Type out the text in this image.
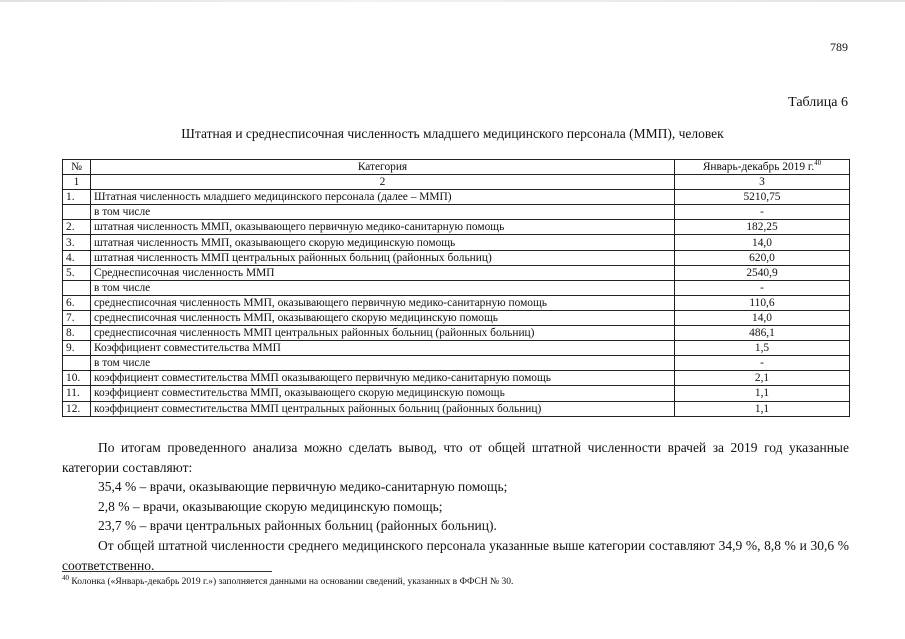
789
Таблица 6
Штатная и среднесписочная численность младшего медицинского персонала (ММП), человек
№	Категория	Январь-декабрь 2019 г.$^{40}$
1	2	3
1.	Штатная численность младшего медицинского персонала (далее – ММП)	5210,75
	в том числе	-
2.	штатная численность ММП, оказывающего первичную медико-санитарную помощь	182,25
3.	штатная численность ММП, оказывающего скорую медицинскую помощь	14,0
4.	штатная численность ММП центральных районных больниц (районных больниц)	620,0
5.	Среднесписочная численность ММП	2540,9
	в том числе	-
6.	среднесписочная численность ММП, оказывающего первичную медико-санитарную помощь	110,6
7.	среднесписочная численность ММП, оказывающего скорую медицинскую помощь	14,0
8.	среднесписочная численность ММП центральных районных больниц (районных больниц)	486,1
9.	Коэффициент совместительства ММП	1,5
	в том числе	-
10.	коэффициент совместительства ММП оказывающего первичную медико-санитарную помощь	2,1
11.	коэффициент совместительства ММП, оказывающего скорую медицинскую помощь	1,1
12.	коэффициент совместительства ММП центральных районных больниц (районных больниц)	1,1

По итогам проведенного анализа можно сделать вывод, что от общей штатной численности врачей за 2019 год указанные категории составляют:

35,4 % – врачи, оказывающие первичную медико-санитарную помощь;

2,8 % – врачи, оказывающие скорую медицинскую помощь;

23,7 % – врачи центральных районных больниц (районных больниц).

От общей штатной численности среднего медицинского персонала указанные выше категории составляют 34,9 %, 8,8 % и 30,6 % соответственно.

$^{40}$ Колонка («Январь-декабрь 2019 г.») заполняется данными на основании сведений, указанных в ФФСН № 30.
